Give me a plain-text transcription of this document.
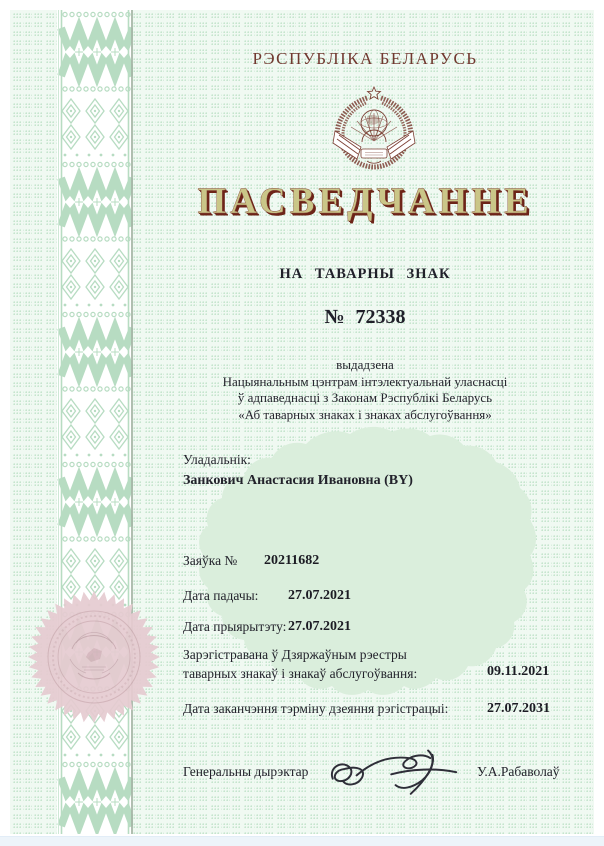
РЭСПУБЛІКА БЕЛАРУСЬ
ПАСВЕДЧАННЕ
НА ТАВАРНЫ ЗНАК
№ 72338
выдадзена
Нацыянальным цэнтрам інтэлектуальнай уласнасці
ў адпаведнасці з Законам Рэспублікі Беларусь
«Аб таварных знаках і знаках абслугоўвання»
Уладальнік:
Занкович Анастасия Ивановна (BY)
Заяўка № 20211682
Дата падачы: 27.07.2021
Дата прыярытэту: 27.07.2021
Зарэгістравана ў Дзяржаўным рэестры
таварных знакаў і знакаў абслугоўвання:	09.11.2021
Дата заканчэння тэрміну дзеяння рэгістрацыі:	27.07.2031
Генеральны дырэктар	У.А.Рабаволаў
